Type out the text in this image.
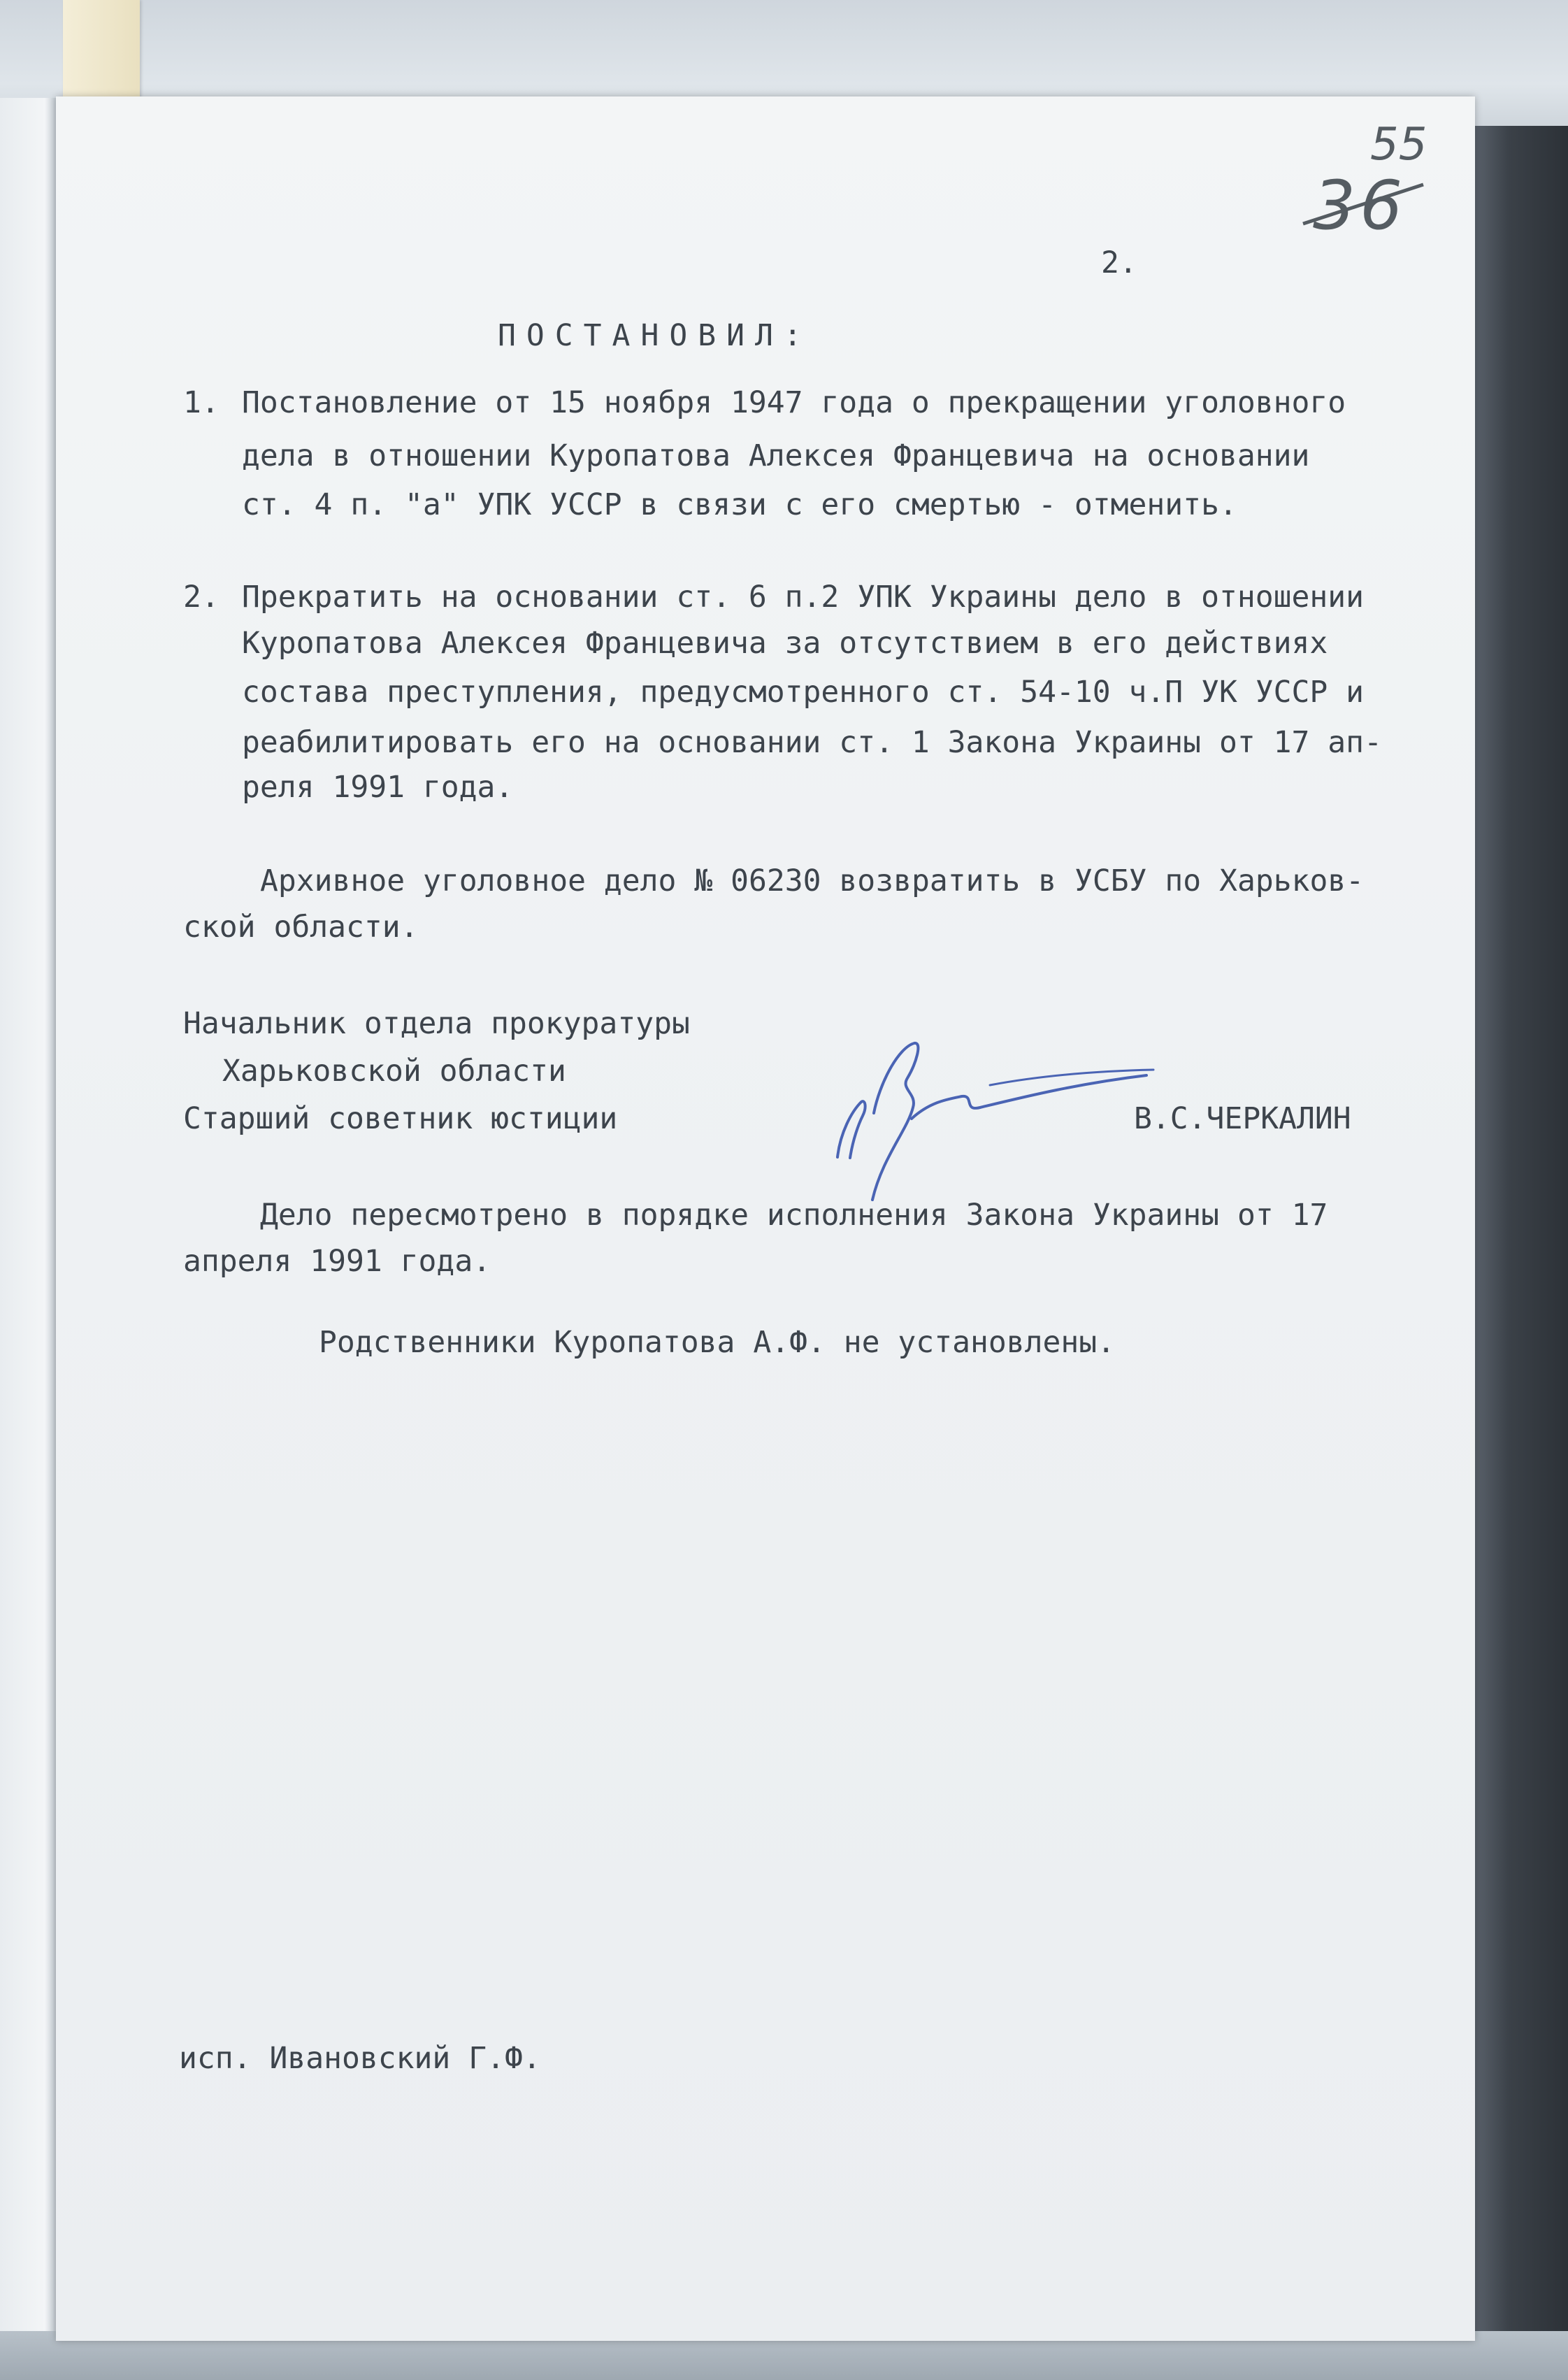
55
36
2.
ПОСТАНОВИЛ:
1. Постановление от 15 ноября 1947 года о прекращении уголовного
дела в отношении Куропатова Алексея Францевича на основании
ст. 4 п. "а" УПК УССР в связи с его смертью - отменить.
2. Прекратить на основании ст. 6 п.2 УПК Украины дело в отношении
Куропатова Алексея Францевича за отсутствием в его действиях
состава преступления, предусмотренного ст. 54-10 ч.П УК УССР и
реабилитировать его на основании ст. 1 Закона Украины от 17 ап-
реля 1991 года.
Архивное уголовное дело № 06230 возвратить в УСБУ по Харьков-
ской области.
Начальник отдела прокуратуры
Харьковской области
Старший советник юстиции	В.С.ЧЕРКАЛИН
Дело пересмотрено в порядке исполнения Закона Украины от 17
апреля 1991 года.
Родственники Куропатова А.Ф. не установлены.
исп. Ивановский Г.Ф.
